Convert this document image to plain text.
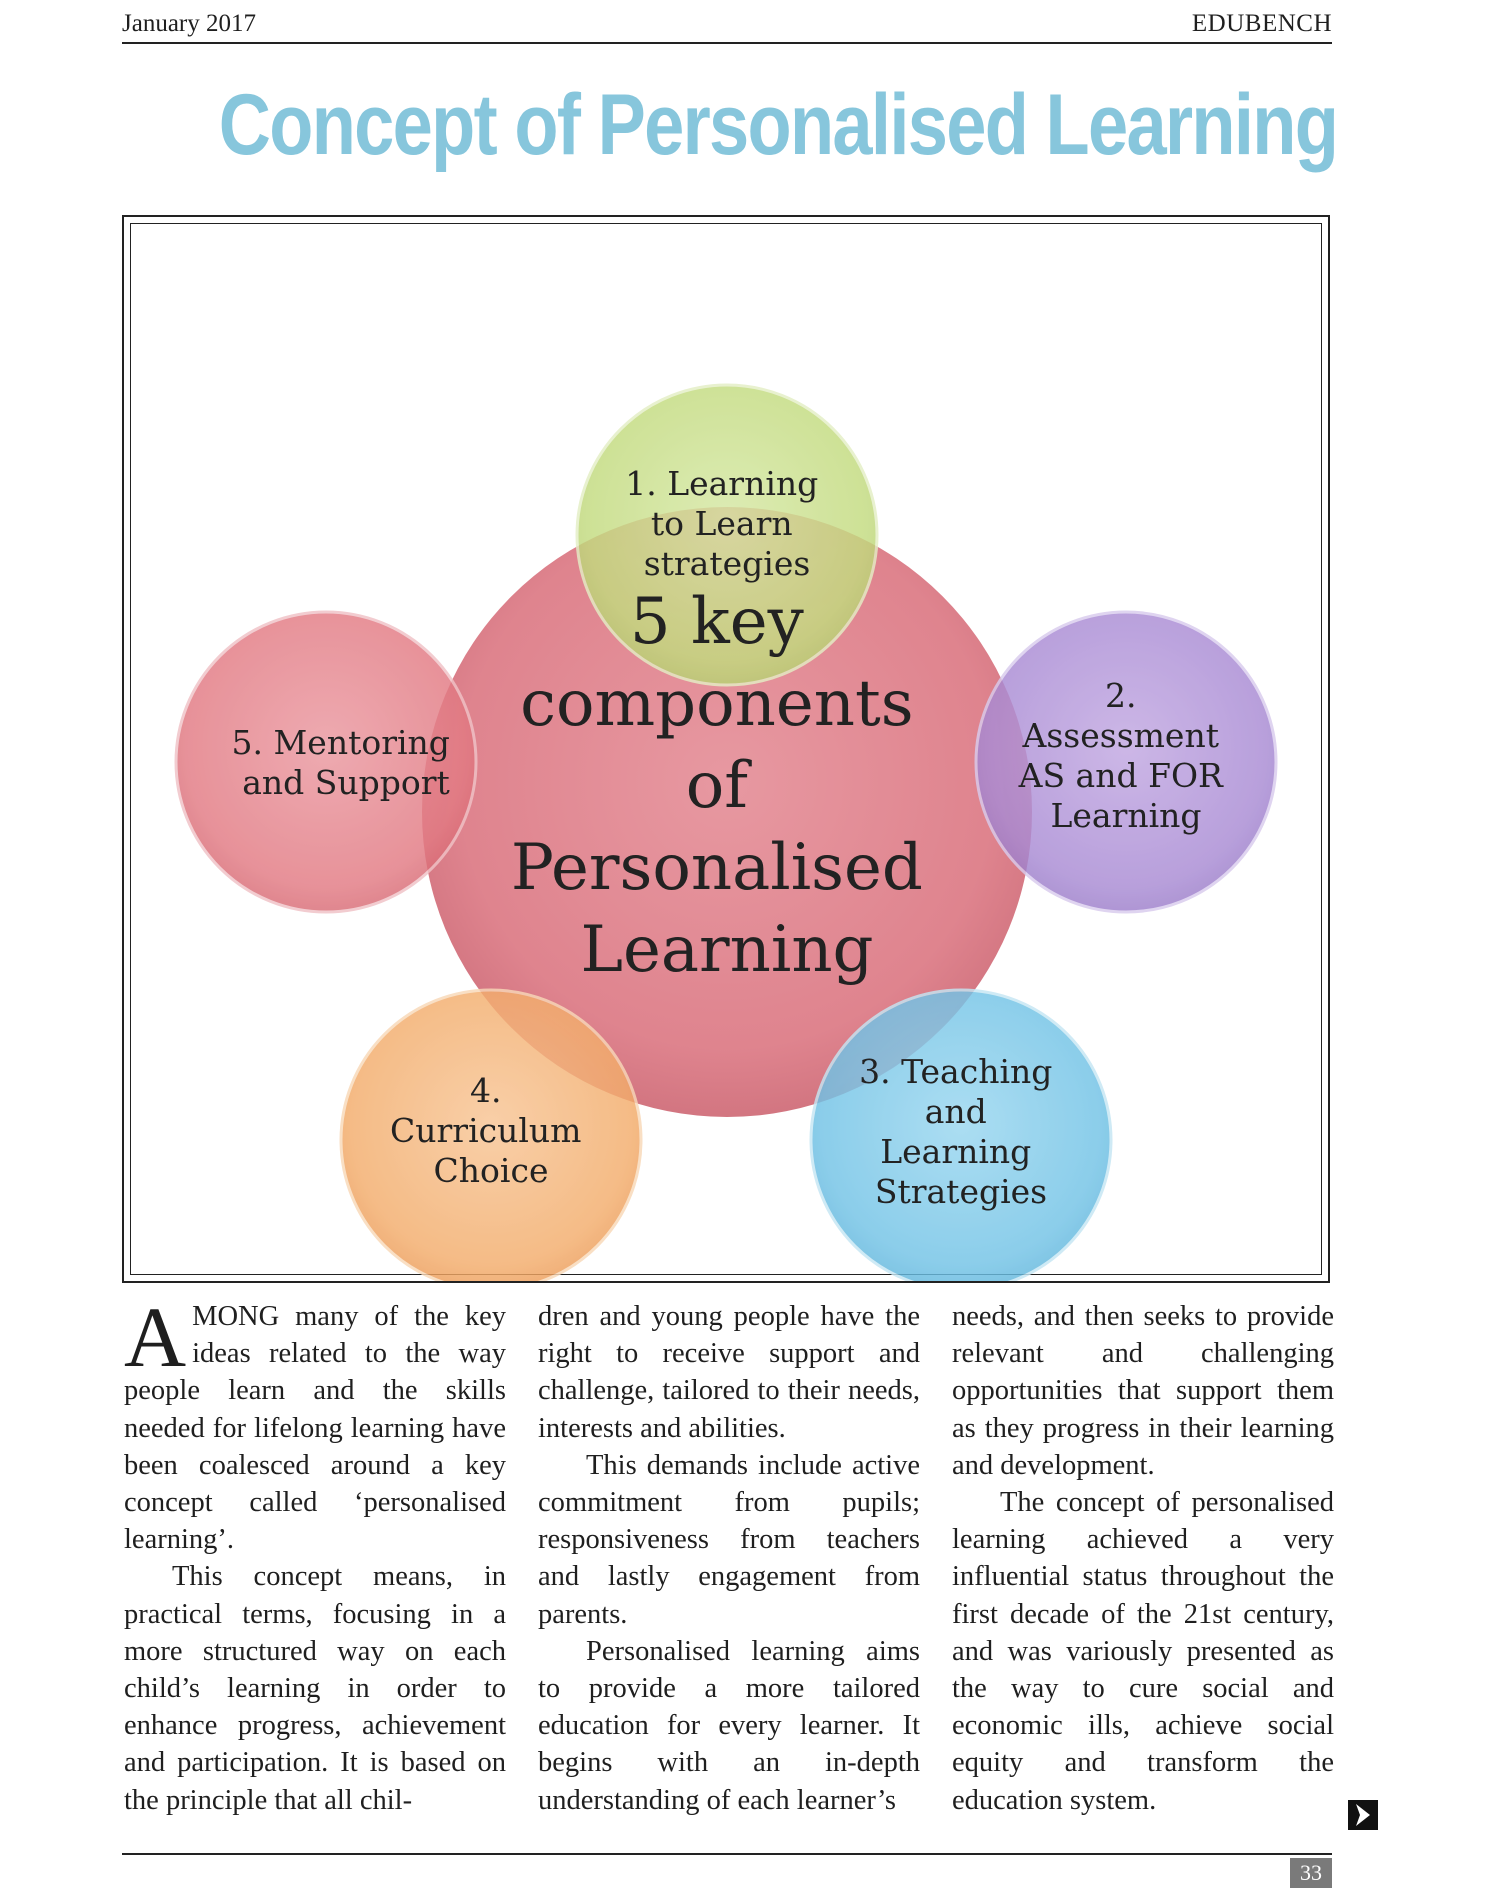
January 2017	EDUBENCH
Concept of Personalised Learning
5 key components of Personalised Learning
1. Learning to Learn strategies
2. Assessment AS and FOR Learning
3. Teaching and Learning Strategies
4. Curriculum Choice
5. Mentoring and Support

AMONG many of the key ideas related to the way people learn and the skills needed for lifelong learning have been coalesced around a key concept called ‘personalised learning’.

This concept means, in practical terms, focusing in a more structured way on each child’s learning in order to enhance progress, achievement and participation. It is based on the principle that all chil-

dren and young people have the right to receive support and challenge, tailored to their needs, interests and abilities.

This demands include active commitment from pupils; responsiveness from teachers and lastly engagement from parents.

Personalised learning aims to provide a more tailored education for every learner. It begins with an in-depth understanding of each learner’s

needs, and then seeks to provide relevant and challenging opportunities that support them as they progress in their learning and development.

The concept of personalised learning achieved a very influential status throughout the first decade of the 21st century, and was variously presented as the way to cure social and economic ills, achieve social equity and transform the education system.

33
